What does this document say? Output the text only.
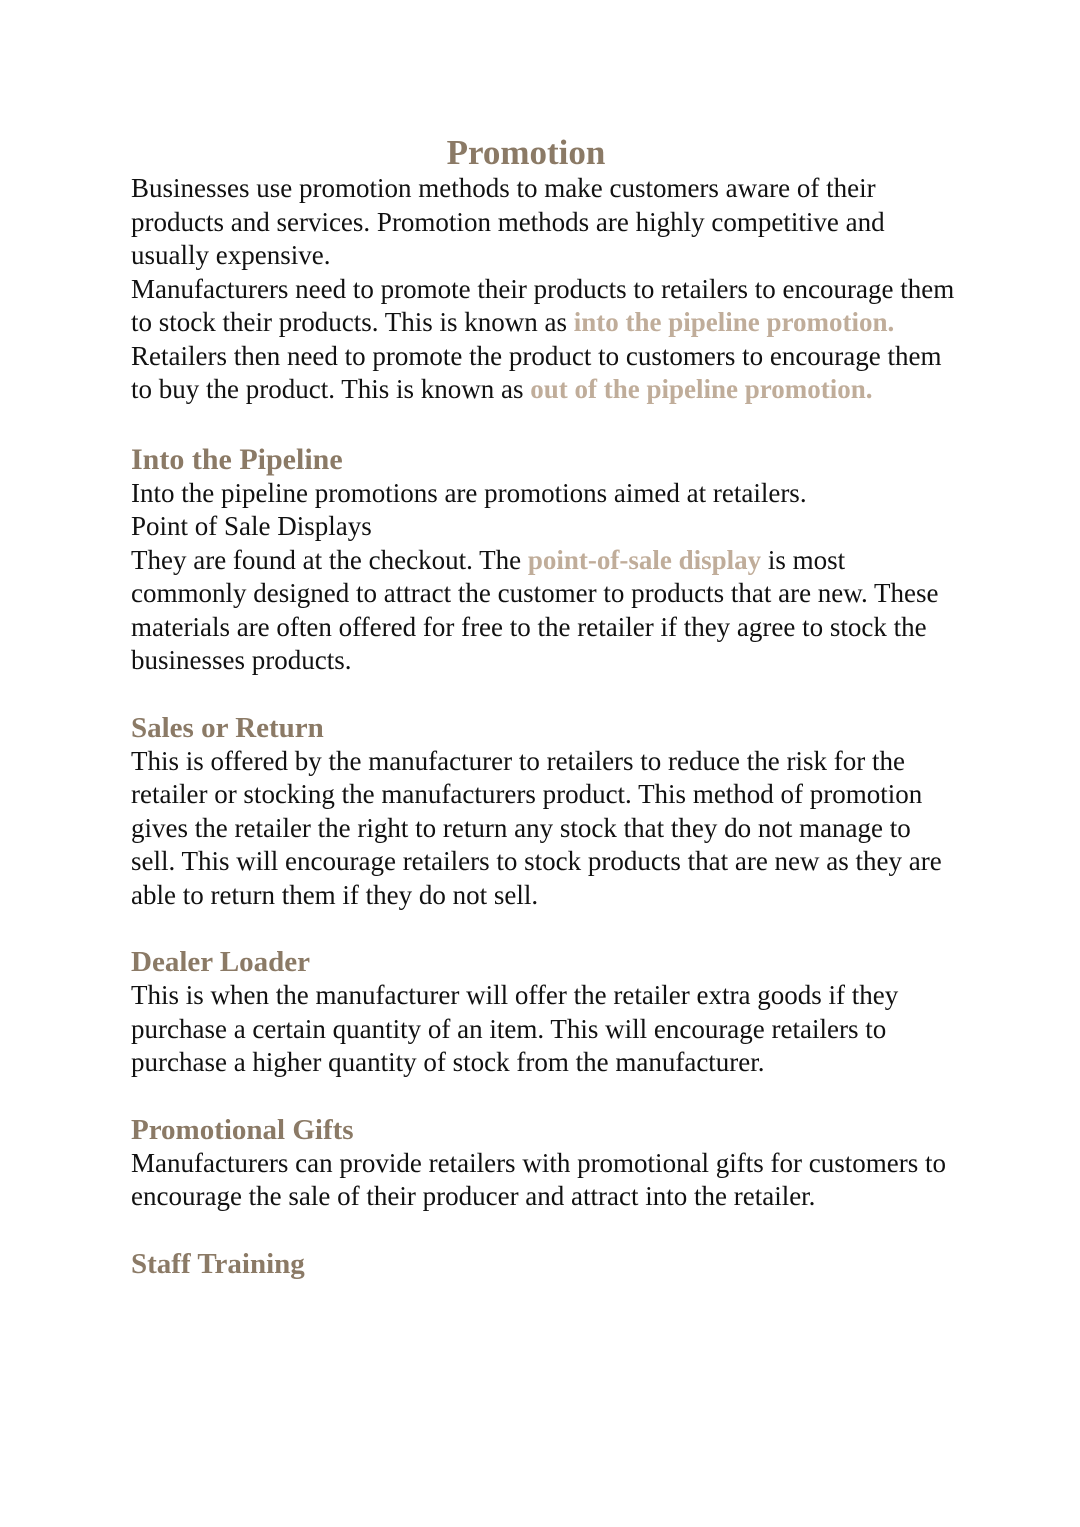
Promotion

Businesses use promotion methods to make customers aware of their products and services. Promotion methods are highly competitive and usually expensive.

Manufacturers need to promote their products to retailers to encourage them to stock their products. This is known as into the pipeline promotion.

Retailers then need to promote the product to customers to encourage them to buy the product. This is known as out of the pipeline promotion.

Into the Pipeline

Into the pipeline promotions are promotions aimed at retailers.

Point of Sale Displays

They are found at the checkout. The point-of-sale display is most commonly designed to attract the customer to products that are new. These materials are often offered for free to the retailer if they agree to stock the businesses products.

Sales or Return

This is offered by the manufacturer to retailers to reduce the risk for the retailer or stocking the manufacturers product. This method of promotion gives the retailer the right to return any stock that they do not manage to sell. This will encourage retailers to stock products that are new as they are able to return them if they do not sell.

Dealer Loader

This is when the manufacturer will offer the retailer extra goods if they purchase a certain quantity of an item. This will encourage retailers to purchase a higher quantity of stock from the manufacturer.

Promotional Gifts

Manufacturers can provide retailers with promotional gifts for customers to encourage the sale of their producer and attract into the retailer.

Staff Training
